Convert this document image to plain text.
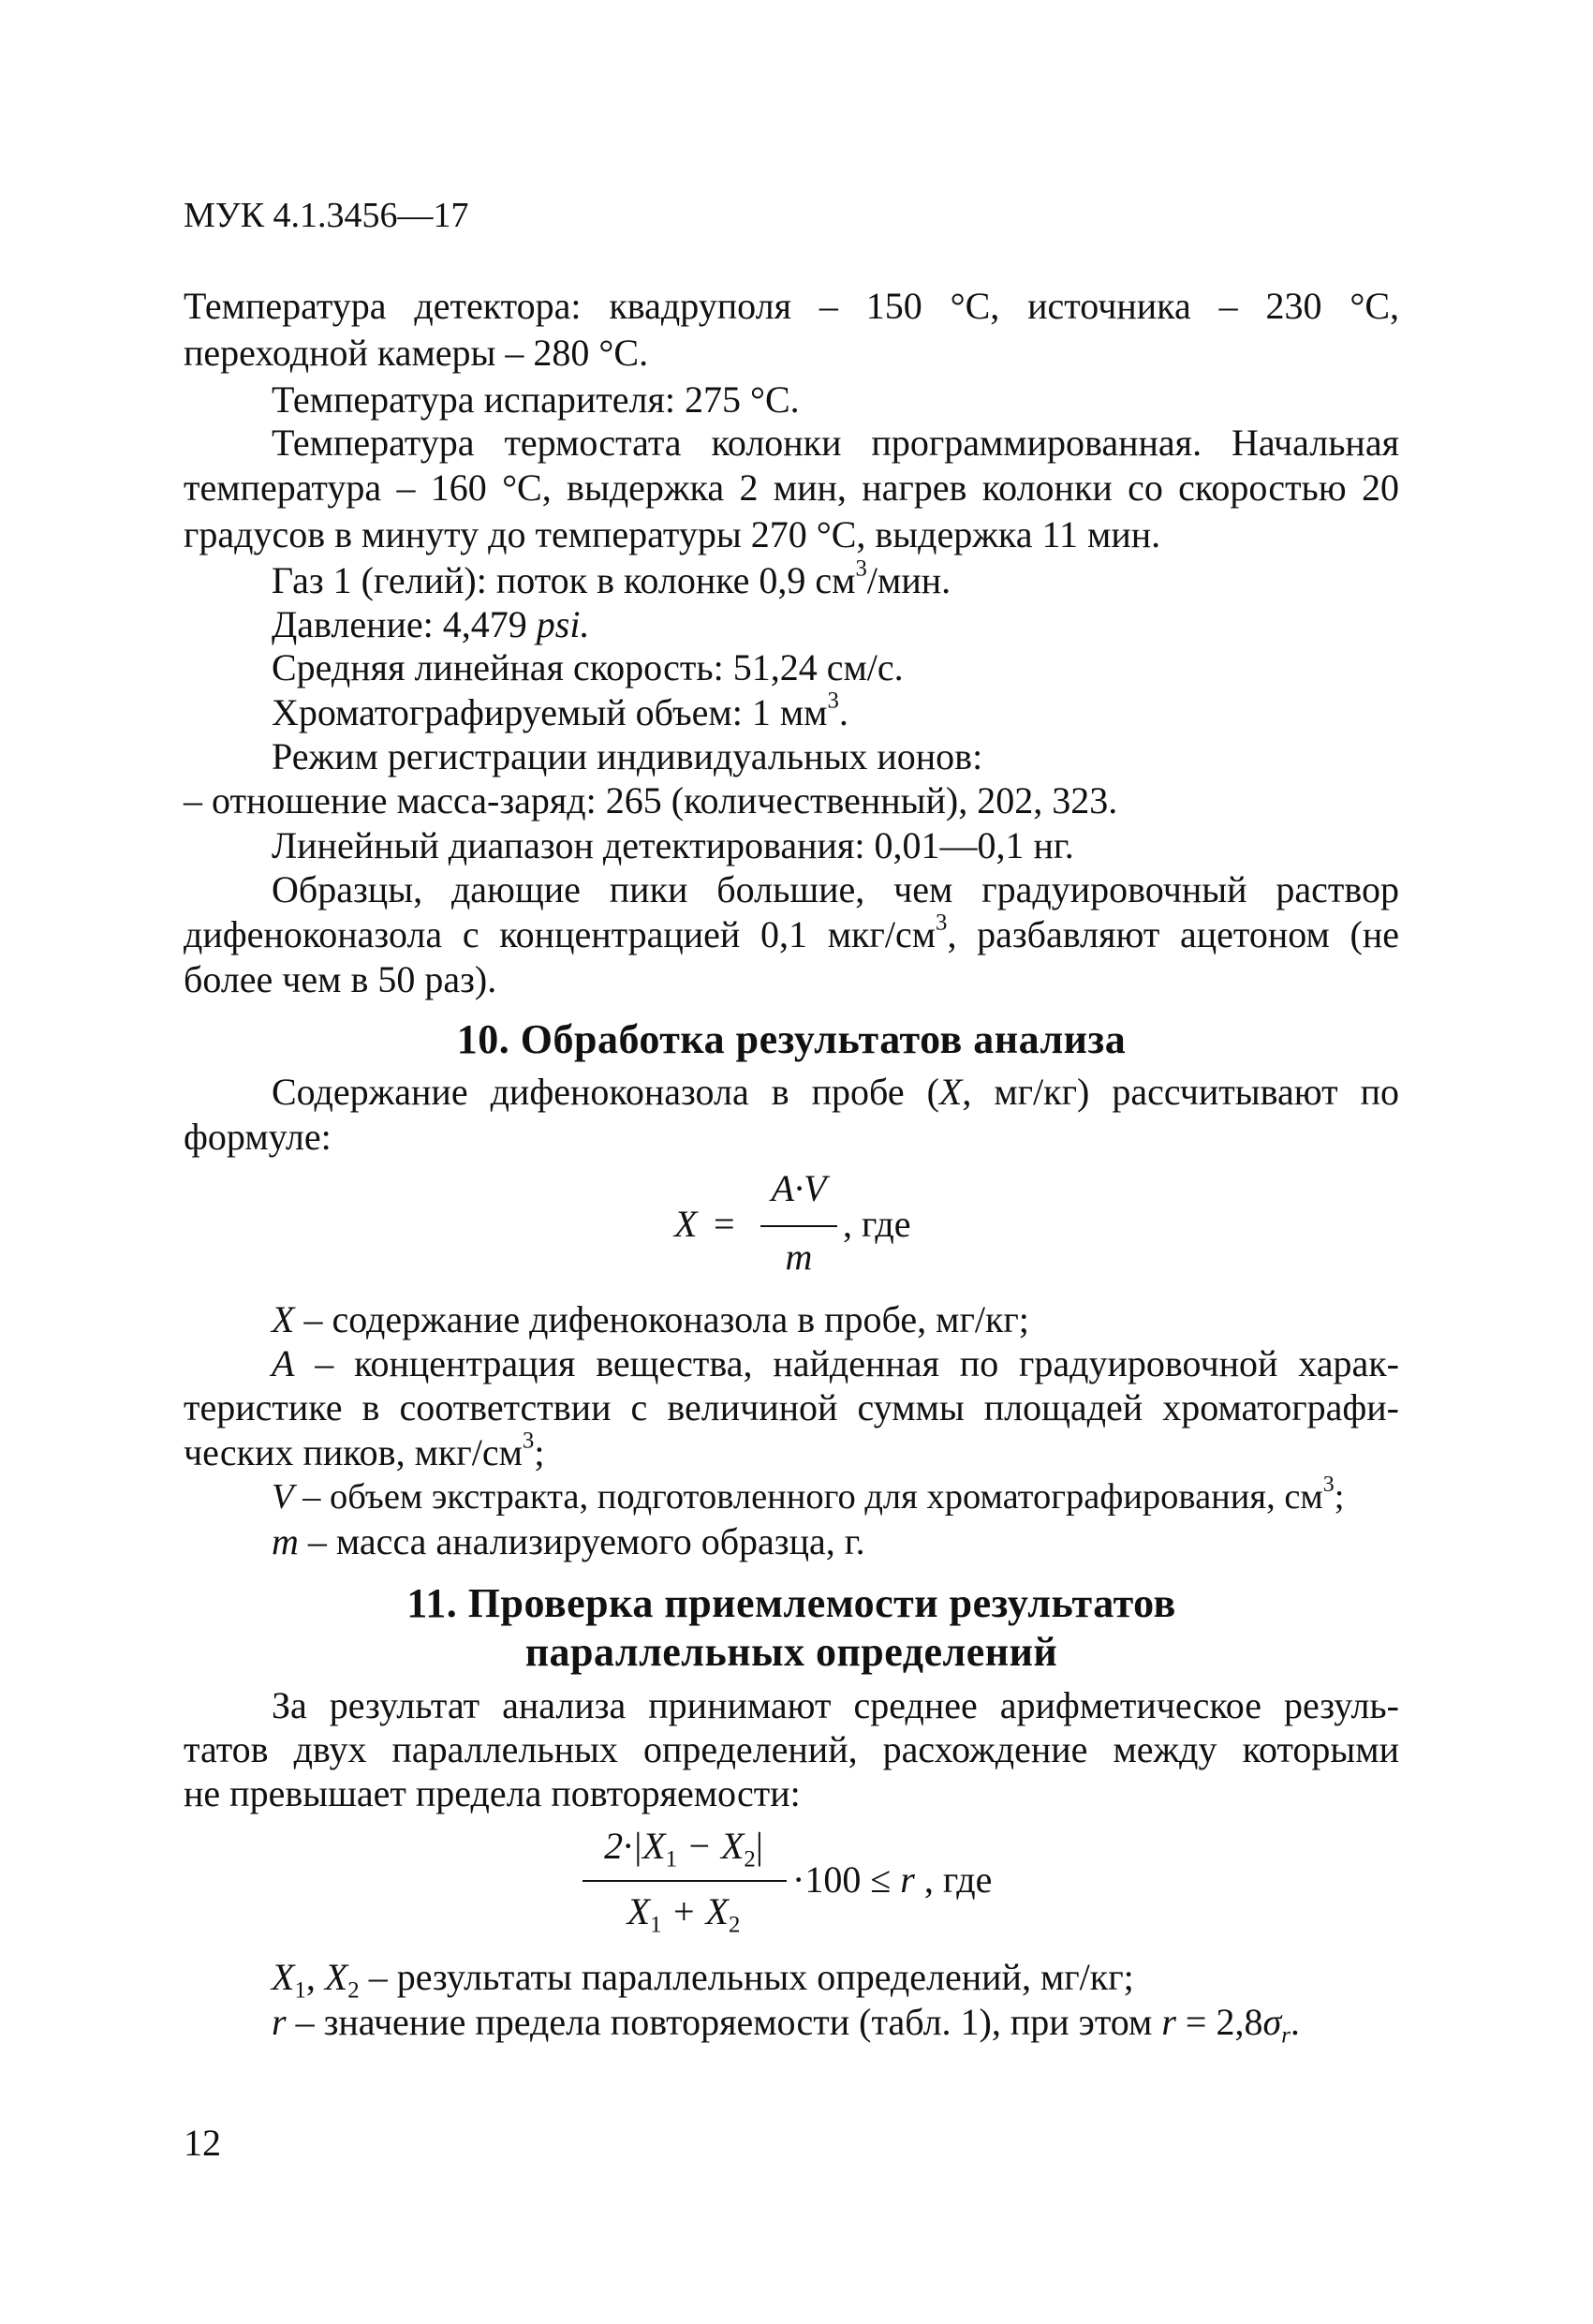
МУК 4.1.3456—17
Температура детектора: квадруполя – 150 °С, источника – 230 °С,
переходной камеры – 280 °С.
Температура испарителя: 275 °С.
Температура термостата колонки программированная. Начальная
температура – 160 °С, выдержка 2 мин, нагрев колонки со скоростью 20
градусов в минуту до температуры 270 °С, выдержка 11 мин.
Газ 1 (гелий): поток в колонке 0,9 $см^3$/мин.
Давление: 4,479 psi.
Средняя линейная скорость: 51,24 см/с.
Хроматографируемый объем: 1 $мм^3$.
Режим регистрации индивидуальных ионов:
– отношение масса-заряд: 265 (количественный), 202, 323.
Линейный диапазон детектирования: 0,01—0,1 нг.
Образцы, дающие пики большие, чем градуировочный раствор
дифеноконазола с концентрацией 0,1 мкг/$см^3$, разбавляют ацетоном (не
более чем в 50 раз).
10. Обработка результатов анализа
Содержание дифеноконазола в пробе (X, мг/кг) рассчитывают по
формуле:
X =
A·V
m
, где
X – содержание дифеноконазола в пробе, мг/кг;
A – концентрация вещества, найденная по градуировочной харак-
теристике в соответствии с величиной суммы площадей хроматографи-
ческих пиков, мкг/$см^3$;
V – объем экстракта, подготовленного для хроматографирования, $см^3$;
m – масса анализируемого образца, г.
11. Проверка приемлемости результатов
параллельных определений
За результат анализа принимают среднее арифметическое резуль-
татов двух параллельных определений, расхождение между которыми
не превышает предела повторяемости:
$2\cdot|X_1 - X_2|$
$X_1 + X_2$
·100 ≤ r , где
$X_1$, $X_2$ – результаты параллельных определений, мг/кг;
r – значение предела повторяемости (табл. 1), при этом $r = 2,8\sigma_r$.
12
